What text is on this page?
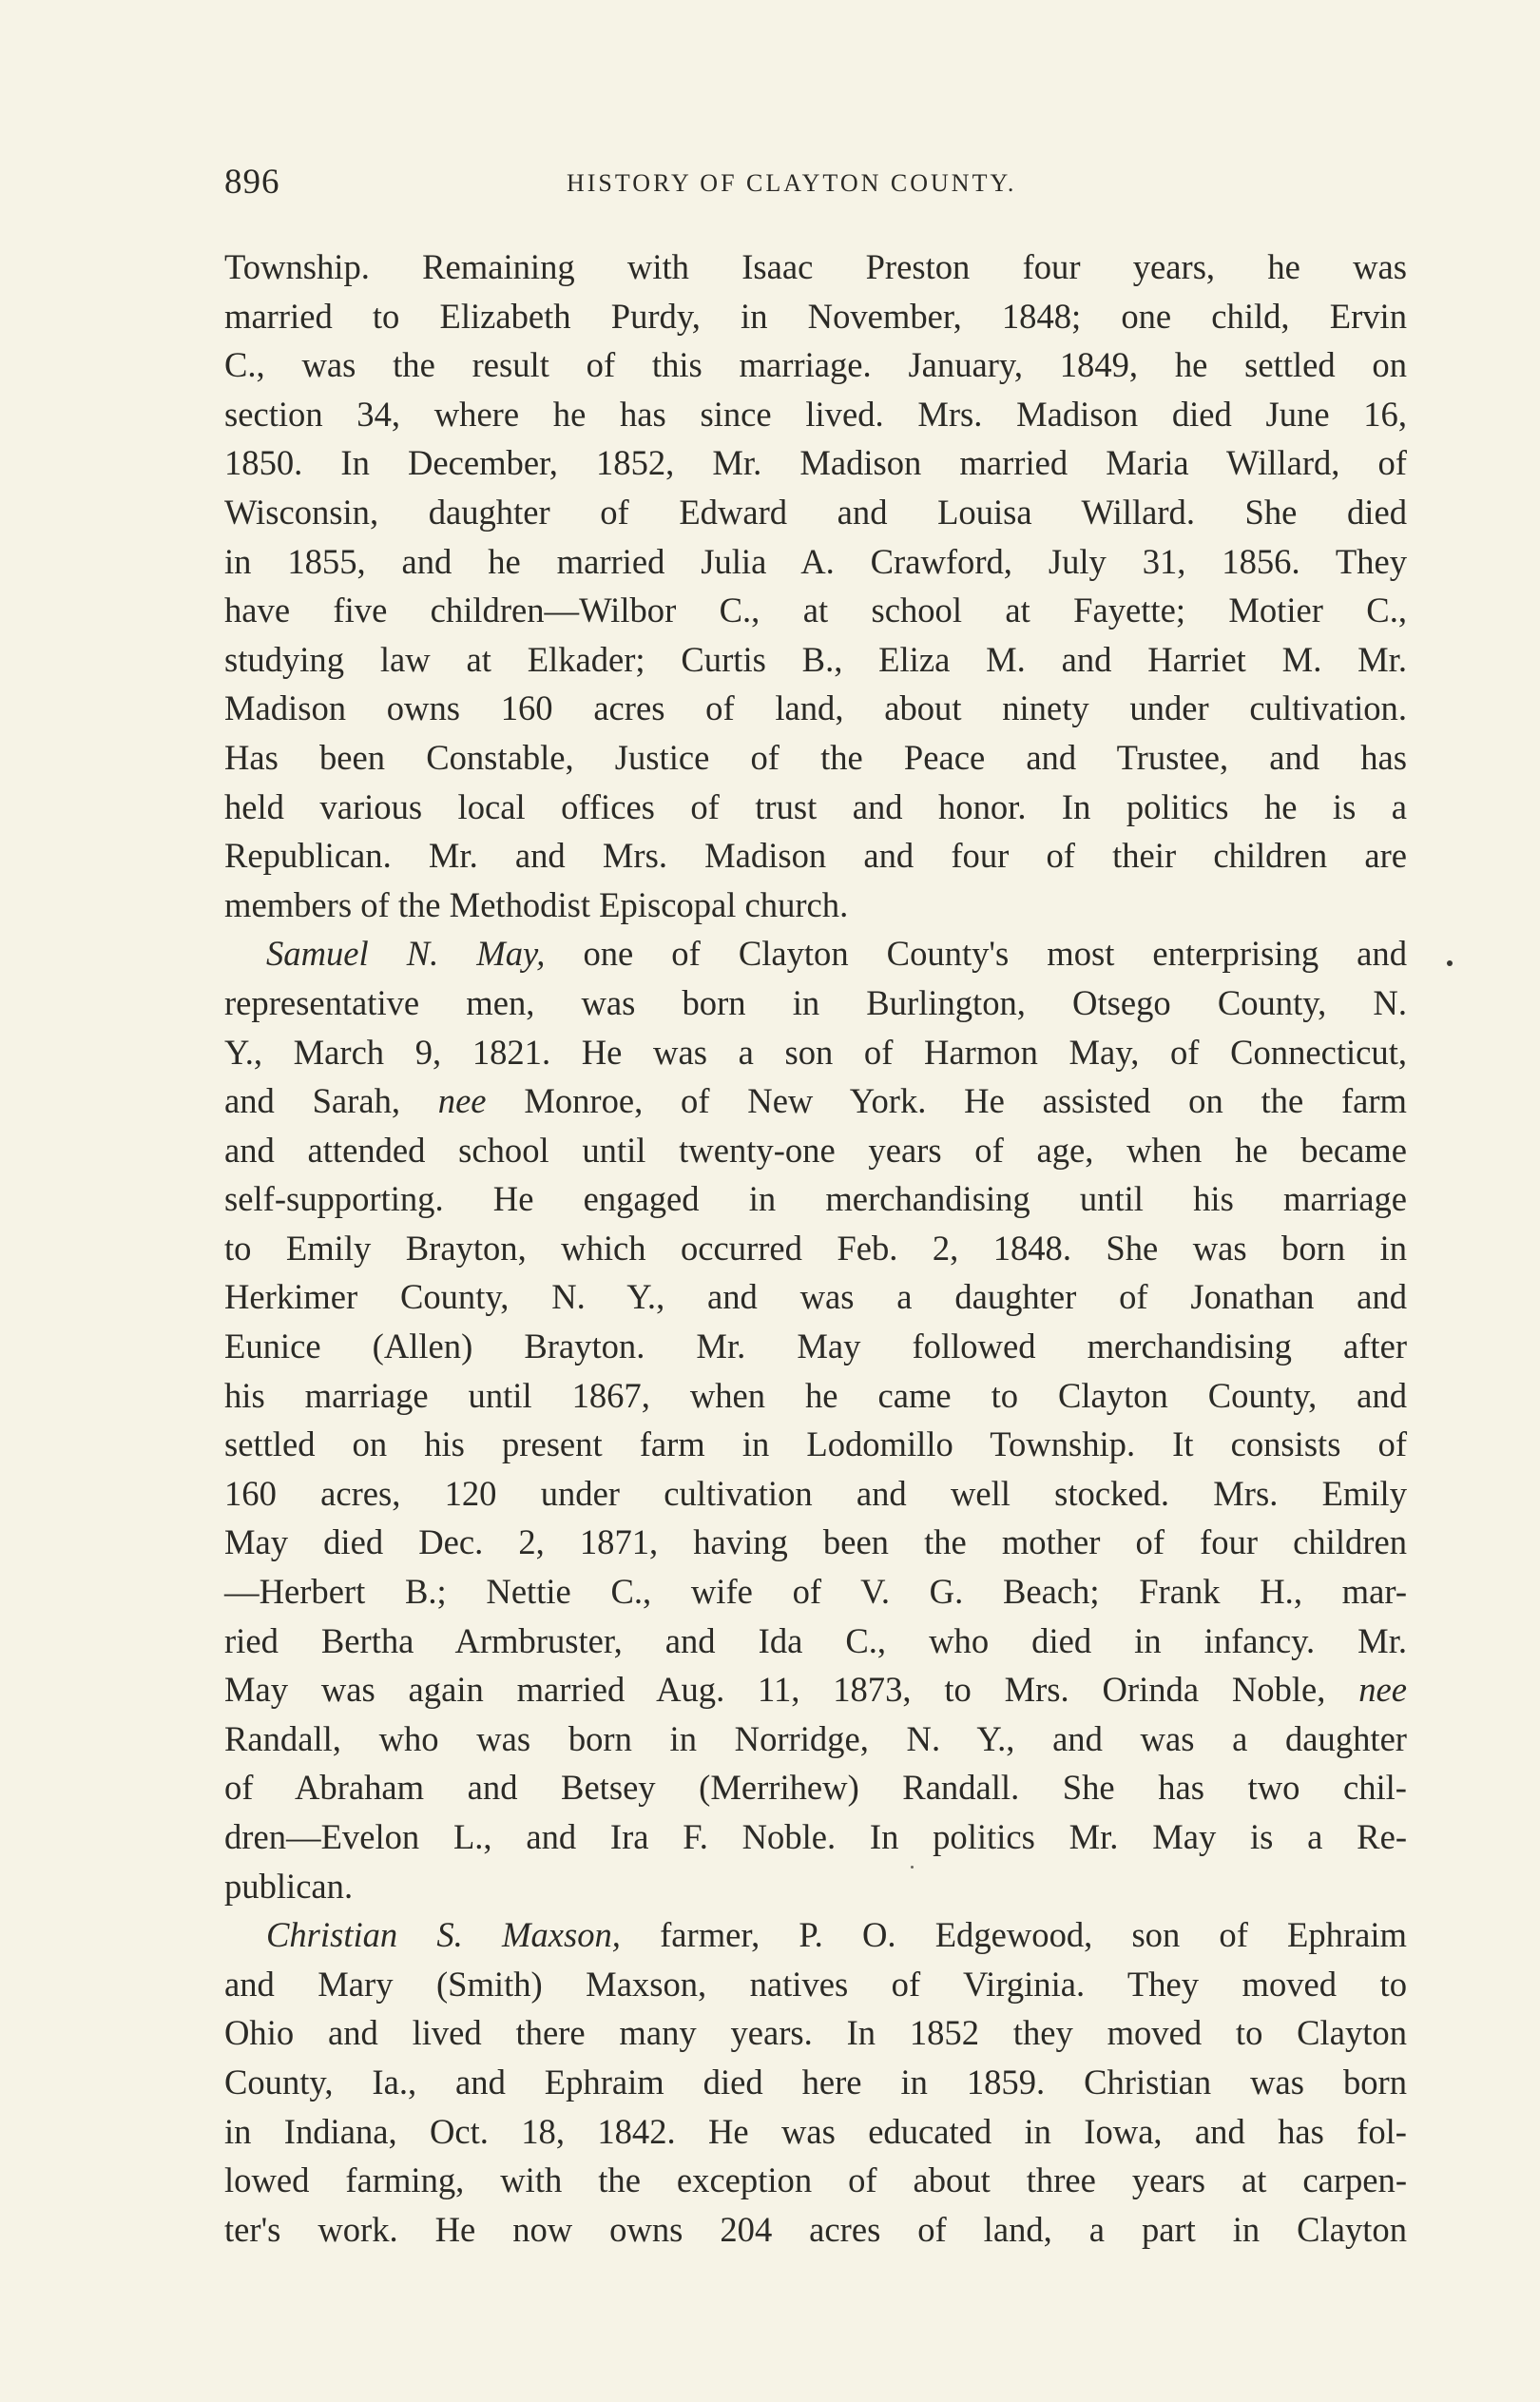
896	HISTORY OF CLAYTON COUNTY.
Township. Remaining with Isaac Preston four years, he was
married to Elizabeth Purdy, in November, 1848; one child, Ervin
C., was the result of this marriage. January, 1849, he settled on
section 34, where he has since lived. Mrs. Madison died June 16,
1850. In December, 1852, Mr. Madison married Maria Willard, of
Wisconsin, daughter of Edward and Louisa Willard. She died
in 1855, and he married Julia A. Crawford, July 31, 1856. They
have five children—Wilbor C., at school at Fayette; Motier C.,
studying law at Elkader; Curtis B., Eliza M. and Harriet M. Mr.
Madison owns 160 acres of land, about ninety under cultivation.
Has been Constable, Justice of the Peace and Trustee, and has
held various local offices of trust and honor. In politics he is a
Republican. Mr. and Mrs. Madison and four of their children are
members of the Methodist Episcopal church.
Samuel N. May, one of Clayton County's most enterprising and
representative men, was born in Burlington, Otsego County, N.
Y., March 9, 1821. He was a son of Harmon May, of Connecticut,
and Sarah, nee Monroe, of New York. He assisted on the farm
and attended school until twenty-one years of age, when he became
self-supporting. He engaged in merchandising until his marriage
to Emily Brayton, which occurred Feb. 2, 1848. She was born in
Herkimer County, N. Y., and was a daughter of Jonathan and
Eunice (Allen) Brayton. Mr. May followed merchandising after
his marriage until 1867, when he came to Clayton County, and
settled on his present farm in Lodomillo Township. It consists of
160 acres, 120 under cultivation and well stocked. Mrs. Emily
May died Dec. 2, 1871, having been the mother of four children
—Herbert B.; Nettie C., wife of V. G. Beach; Frank H., mar-
ried Bertha Armbruster, and Ida C., who died in infancy. Mr.
May was again married Aug. 11, 1873, to Mrs. Orinda Noble, nee
Randall, who was born in Norridge, N. Y., and was a daughter
of Abraham and Betsey (Merrihew) Randall. She has two chil-
dren—Evelon L., and Ira F. Noble. In politics Mr. May is a Re-
publican.
Christian S. Maxson, farmer, P. O. Edgewood, son of Ephraim
and Mary (Smith) Maxson, natives of Virginia. They moved to
Ohio and lived there many years. In 1852 they moved to Clayton
County, Ia., and Ephraim died here in 1859. Christian was born
in Indiana, Oct. 18, 1842. He was educated in Iowa, and has fol-
lowed farming, with the exception of about three years at carpen-
ter's work. He now owns 204 acres of land, a part in Clayton
